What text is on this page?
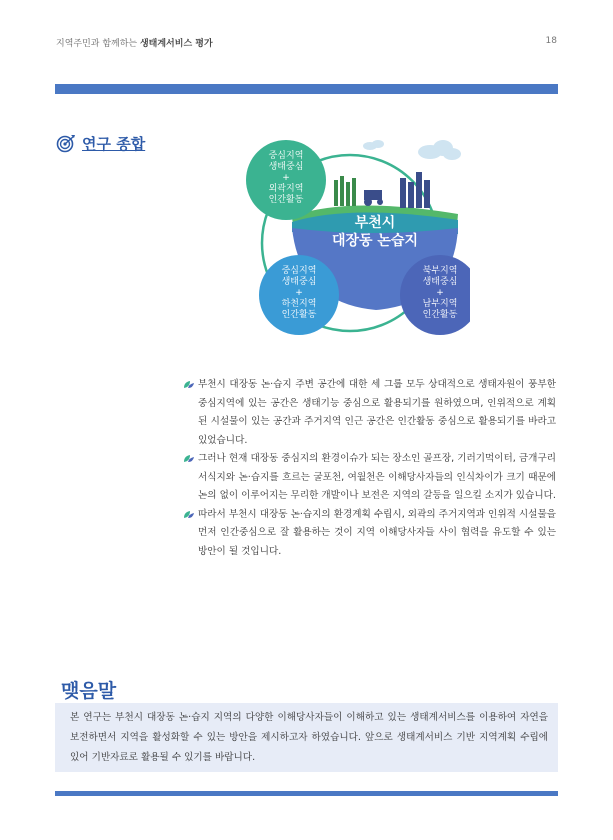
지역주민과 함께하는 생태계서비스 평가	18
연구 종합
중심지역
생태중심
+
외곽지역
인간활동
부천시
대장동 논습지
중심지역
생태중심
+
하천지역
인간활동
북부지역
생태중심
+
남부지역
인간활동
부천시 대장동 논·습지 주변 공간에 대한 세 그룹 모두 상대적으로 생태자원이 풍부한 중심지역에 있는 공간은 생태기능 중심으로 활용되기를 원하였으며, 인위적으로 계획된 시설물이 있는 공간과 주거지역 인근 공간은 인간활동 중심으로 활용되기를 바라고 있었습니다.
그러나 현재 대장동 중심지의 환경이슈가 되는 장소인 골프장, 기러기먹이터, 금개구리 서식지와 논·습지를 흐르는 굴포천, 여월천은 이해당사자들의 인식차이가 크기 때문에 논의 없이 이루어지는 무리한 개발이나 보전은 지역의 갈등을 일으킬 소지가 있습니다.
따라서 부천시 대장동 논·습지의 환경계획 수립시, 외곽의 주거지역과 인위적 시설물을 먼저 인간중심으로 잘 활용하는 것이 지역 이해당사자들 사이 협력을 유도할 수 있는 방안이 될 것입니다.
맺음말
본 연구는 부천시 대장동 논·습지 지역의 다양한 이해당사자들이 이해하고 있는 생태계서비스를 이용하여 자연을 보전하면서 지역을 활성화할 수 있는 방안을 제시하고자 하였습니다. 앞으로 생태계서비스 기반 지역계획 수립에 있어 기반자료로 활용될 수 있기를 바랍니다.
